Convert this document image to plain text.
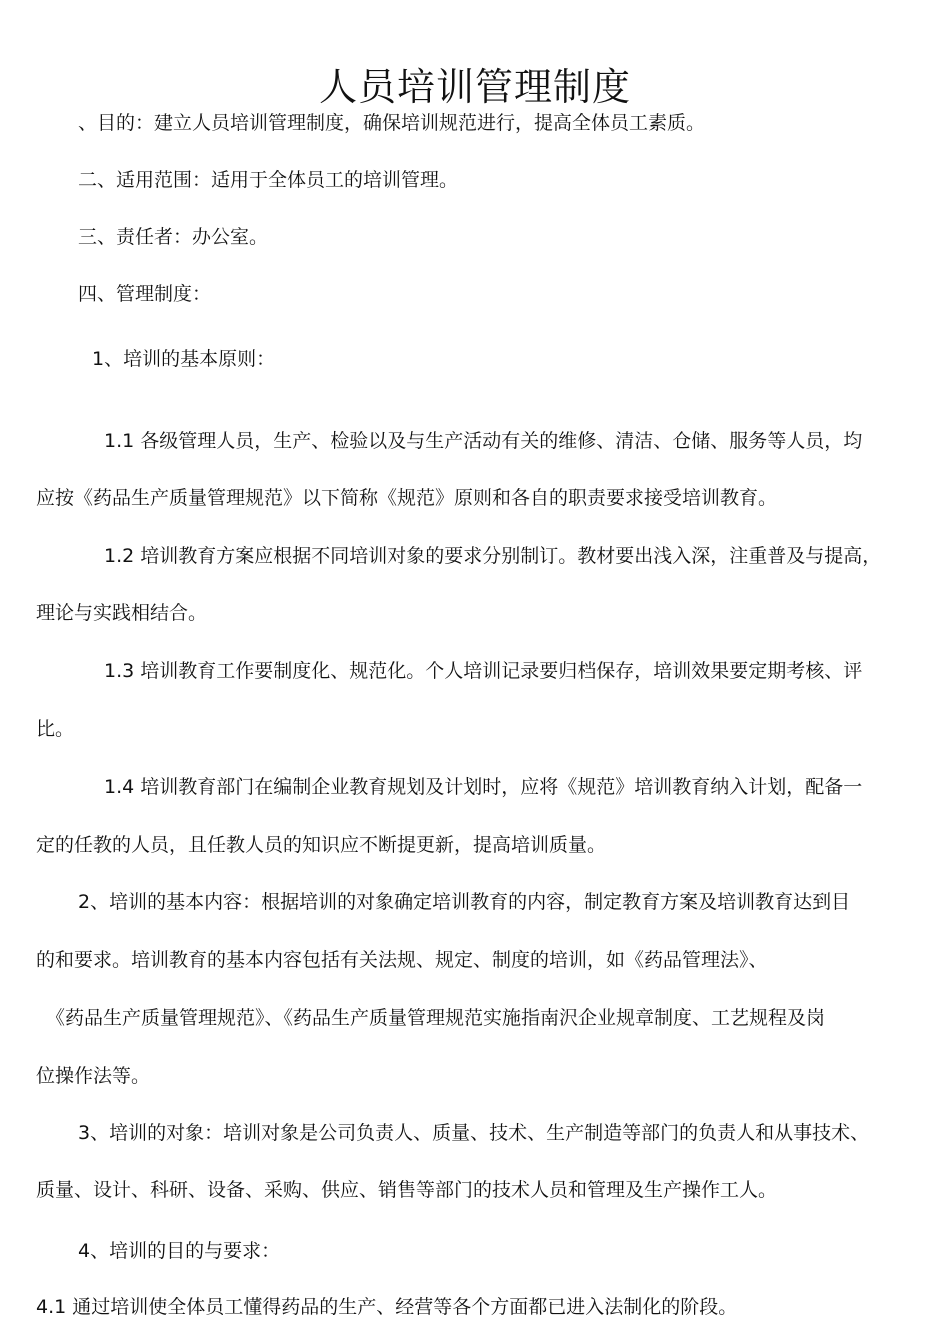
人员培训管理制度
、目的：建立人员培训管理制度，确保培训规范进行，提高全体员工素质。
二、适用范围：适用于全体员工的培训管理。
三、责任者：办公室。
四、管理制度：
1、培训的基本原则：
1.1 各级管理人员，生产、检验以及与生产活动有关的维修、清洁、仓储、服务等人员，均
应按《药品生产质量管理规范》以下简称《规范》原则和各自的职责要求接受培训教育。
1.2 培训教育方案应根据不同培训对象的要求分别制订。教材要出浅入深，注重普及与提高，
理论与实践相结合。
1.3 培训教育工作要制度化、规范化。个人培训记录要归档保存，培训效果要定期考核、评
比。
1.4 培训教育部门在编制企业教育规划及计划时，应将《规范》培训教育纳入计划，配备一
定的任教的人员，且任教人员的知识应不断提更新，提高培训质量。
2、培训的基本内容：根据培训的对象确定培训教育的内容，制定教育方案及培训教育达到目
的和要求。培训教育的基本内容包括有关法规、规定、制度的培训，如《药品管理法》、
《药品生产质量管理规范》、《药品生产质量管理规范实施指南沢企业规章制度、工艺规程及岗
位操作法等。
3、培训的对象：培训对象是公司负责人、质量、技术、生产制造等部门的负责人和从事技术、
质量、设计、科研、设备、采购、供应、销售等部门的技术人员和管理及生产操作工人。
4、培训的目的与要求：
4.1 通过培训使全体员工懂得药品的生产、经营等各个方面都已进入法制化的阶段。
